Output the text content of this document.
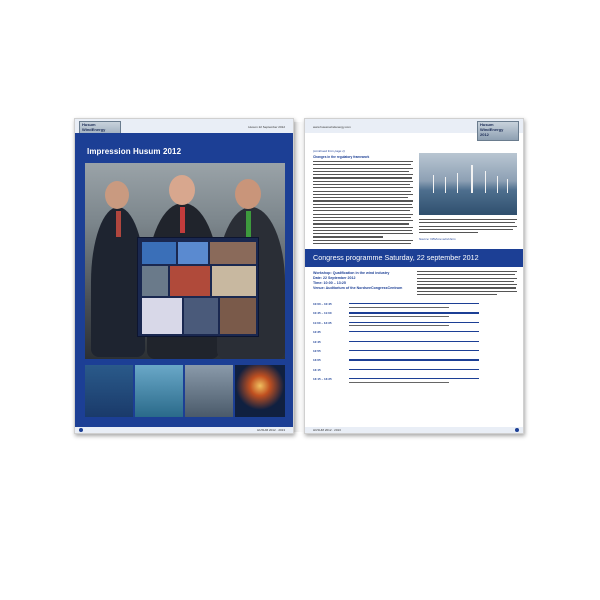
Husum
WindEnergy	Husum 22 September 2012
Impression Husum 2012
HUSUM 2012 · 2013
www.husumwindenergy.com	Husum
WindEnergy
2012
(continued from page 1)
Changes in the regulatory framework
Source: Offshore wind farm
Congress programme Saturday, 22 september 2012
Workshop: Qualification in the wind industry
Date: 22 September 2012
Time: 10:00 – 13:25
Venue: Auditorium of the NordseeCongressCentrum
10:00 – 10:45
10:45 – 11:00
11:00 – 12:35
12:35
12:45
12:55
13:05
13:15
13:15 – 13:25
HUSUM 2012 · 2013
